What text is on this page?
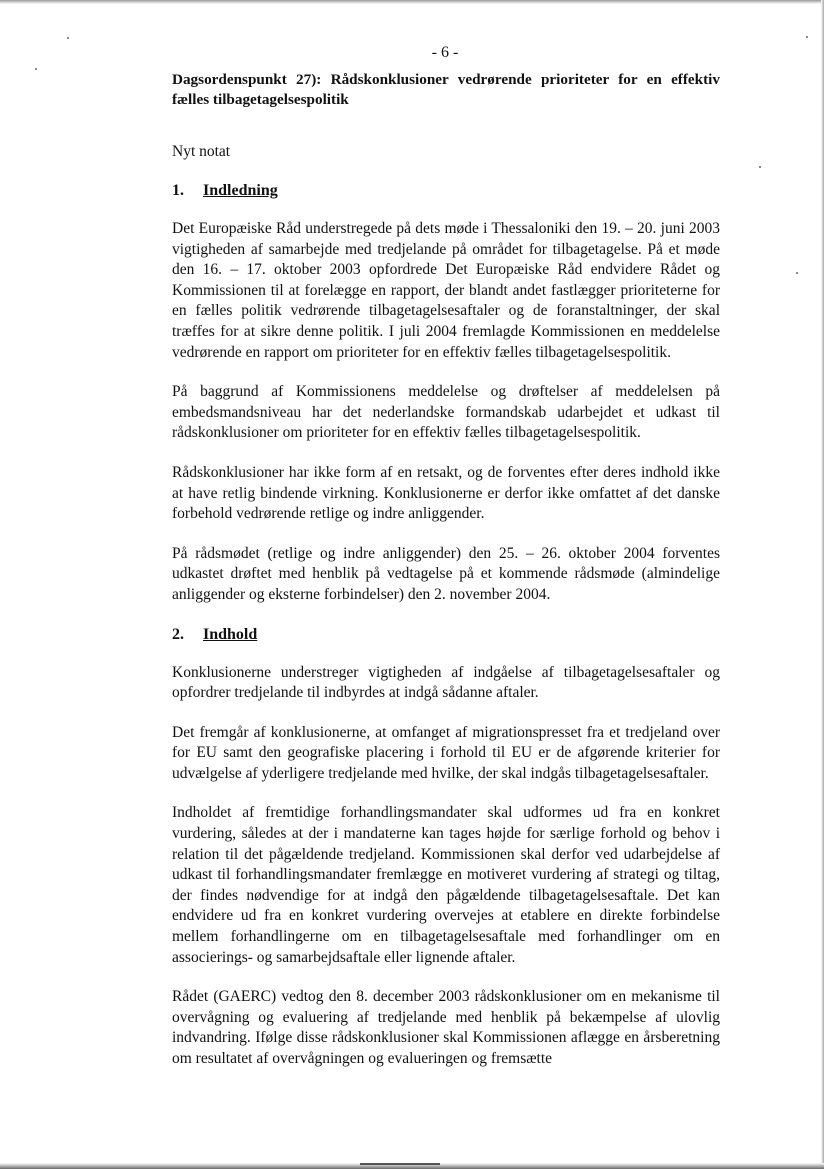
- 6 -

Dagsordenspunkt 27): Rådskonklusioner vedrørende prioriteter for en effektiv fælles tilbagetagelsespolitik

Nyt notat

1. Indledning

Det Europæiske Råd understregede på dets møde i Thessaloniki den 19. – 20. juni 2003 vigtigheden af samarbejde med tredjelande på området for tilbagetagelse. På et møde den 16. – 17. oktober 2003 opfordrede Det Europæiske Råd endvidere Rådet og Kommissionen til at forelægge en rapport, der blandt andet fastlægger prioriteterne for en fælles politik vedrørende tilbagetagelsesaftaler og de foranstaltninger, der skal træffes for at sikre denne politik. I juli 2004 fremlagde Kommissionen en meddelelse vedrørende en rapport om prioriteter for en effektiv fælles tilbagetagelsespolitik.

På baggrund af Kommissionens meddelelse og drøftelser af meddelelsen på embedsmandsniveau har det nederlandske formandskab udarbejdet et udkast til rådskonklusioner om prioriteter for en effektiv fælles tilbagetagelsespolitik.

Rådskonklusioner har ikke form af en retsakt, og de forventes efter deres indhold ikke at have retlig bindende virkning. Konklusionerne er derfor ikke omfattet af det danske forbehold vedrørende retlige og indre anliggender.

På rådsmødet (retlige og indre anliggender) den 25. – 26. oktober 2004 forventes udkastet drøftet med henblik på vedtagelse på et kommende rådsmøde (almindelige anliggender og eksterne forbindelser) den 2. november 2004.

2. Indhold

Konklusionerne understreger vigtigheden af indgåelse af tilbagetagelsesaftaler og opfordrer tredjelande til indbyrdes at indgå sådanne aftaler.

Det fremgår af konklusionerne, at omfanget af migrationspresset fra et tredjeland over for EU samt den geografiske placering i forhold til EU er de afgørende kriterier for udvælgelse af yderligere tredjelande med hvilke, der skal indgås tilbagetagelsesaftaler.

Indholdet af fremtidige forhandlingsmandater skal udformes ud fra en konkret vurdering, således at der i mandaterne kan tages højde for særlige forhold og behov i relation til det pågældende tredjeland. Kommissionen skal derfor ved udarbejdelse af udkast til forhandlingsmandater fremlægge en motiveret vurdering af strategi og tiltag, der findes nødvendige for at indgå den pågældende tilbagetagelsesaftale. Det kan endvidere ud fra en konkret vurdering overvejes at etablere en direkte forbindelse mellem forhandlingerne om en tilbagetagelsesaftale med forhandlinger om en associerings- og samarbejdsaftale eller lignende aftaler.

Rådet (GAERC) vedtog den 8. december 2003 rådskonklusioner om en mekanisme til overvågning og evaluering af tredjelande med henblik på bekæmpelse af ulovlig indvandring. Ifølge disse rådskonklusioner skal Kommissionen aflægge en årsberetning om resultatet af overvågningen og evalueringen og fremsætte
